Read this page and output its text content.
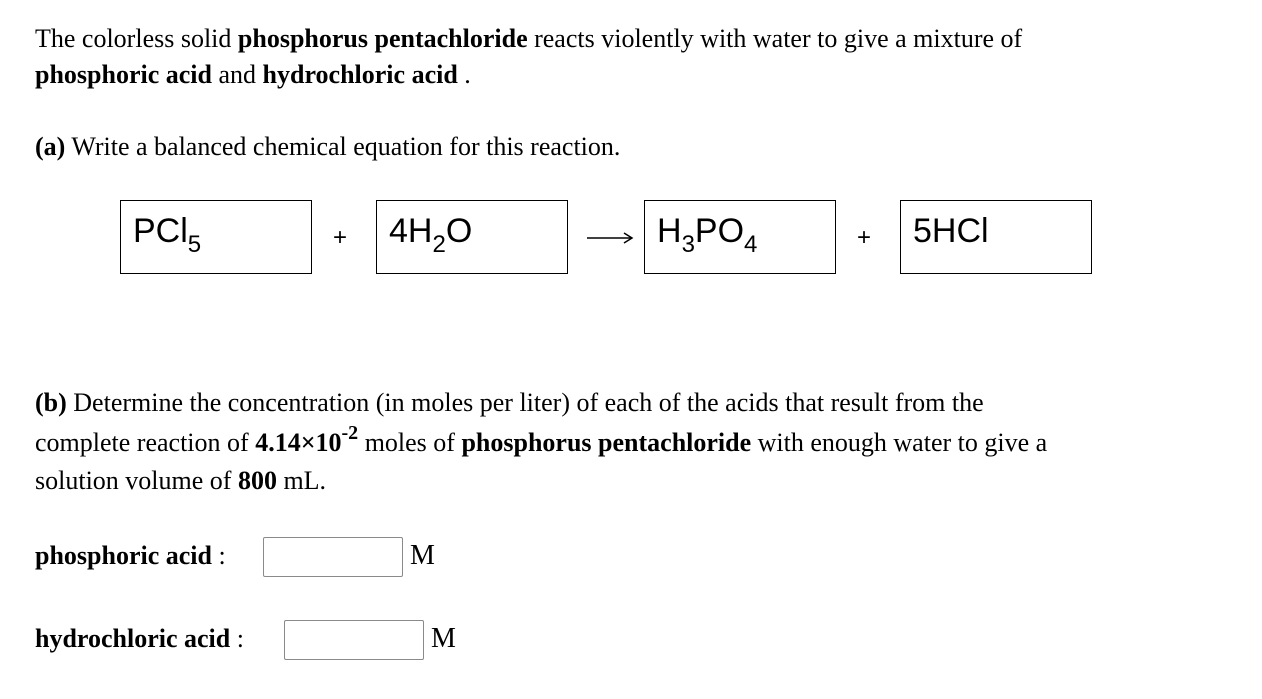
The colorless solid phosphorus pentachloride reacts violently with water to give a mixture of
phosphoric acid and hydrochloric acid .
(a) Write a balanced chemical equation for this reaction.
PCl$_5$	+ $4H_2O$	→ $H_3PO_4$	+ 5HCl
(b) Determine the concentration (in moles per liter) of each of the acids that result from the
complete reaction of $4.14\times 10^{-2}$ moles of phosphorus pentachloride with enough water to give a
solution volume of 800 mL.
phosphoric acid :	M
hydrochloric acid :	M
